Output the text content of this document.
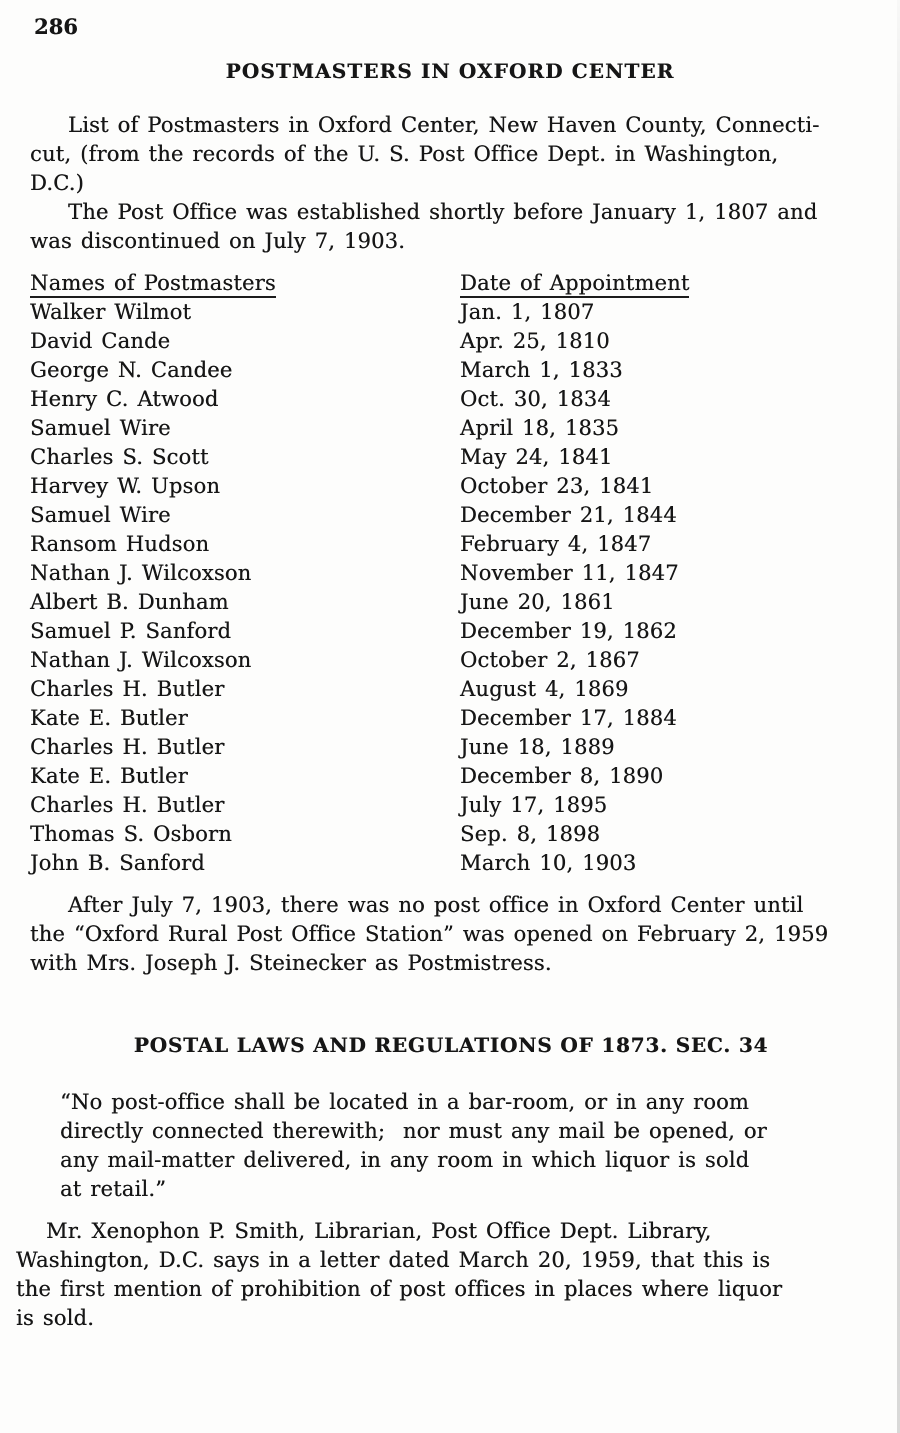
286
POSTMASTERS IN OXFORD CENTER
List of Postmasters in Oxford Center, New Haven County, Connecti-
cut, (from the records of the U. S. Post Office Dept. in Washington,
D.C.)
The Post Office was established shortly before January 1, 1807 and
was discontinued on July 7, 1903.
Names of Postmasters	Date of Appointment
Walker Wilmot	Jan. 1, 1807
David Cande	Apr. 25, 1810
George N. Candee	March 1, 1833
Henry C. Atwood	Oct. 30, 1834
Samuel Wire	April 18, 1835
Charles S. Scott	May 24, 1841
Harvey W. Upson	October 23, 1841
Samuel Wire	December 21, 1844
Ransom Hudson	February 4, 1847
Nathan J. Wilcoxson	November 11, 1847
Albert B. Dunham	June 20, 1861
Samuel P. Sanford	December 19, 1862
Nathan J. Wilcoxson	October 2, 1867
Charles H. Butler	August 4, 1869
Kate E. Butler	December 17, 1884
Charles H. Butler	June 18, 1889
Kate E. Butler	December 8, 1890
Charles H. Butler	July 17, 1895
Thomas S. Osborn	Sep. 8, 1898
John B. Sanford	March 10, 1903
After July 7, 1903, there was no post office in Oxford Center until
the “Oxford Rural Post Office Station” was opened on February 2, 1959
with Mrs. Joseph J. Steinecker as Postmistress.
POSTAL LAWS AND REGULATIONS OF 1873. SEC. 34
“No post-office shall be located in a bar-room, or in any room
directly connected therewith;  nor must any mail be opened, or
any mail-matter delivered, in any room in which liquor is sold
at retail.”
Mr. Xenophon P. Smith, Librarian, Post Office Dept. Library,
Washington, D.C. says in a letter dated March 20, 1959, that this is
the first mention of prohibition of post offices in places where liquor
is sold.
